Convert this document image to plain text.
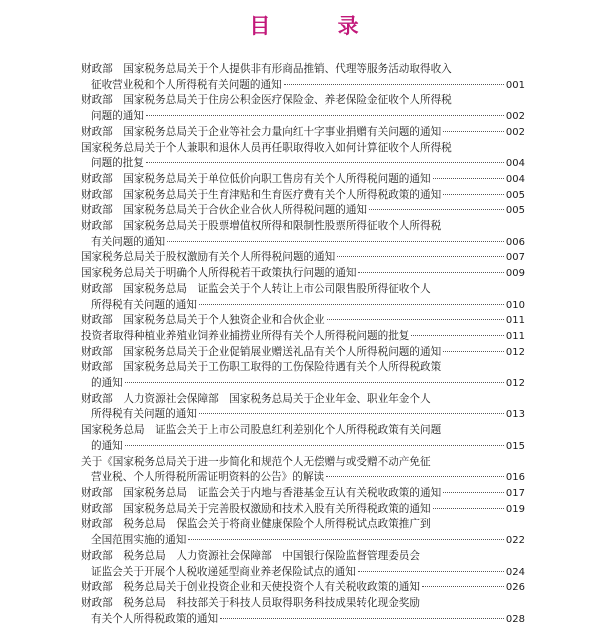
目 录
财政部　国家税务总局关于个人提供非有形商品推销、代理等服务活动取得收入
征收营业税和个人所得税有关问题的通知	001
财政部　国家税务总局关于住房公积金医疗保险金、养老保险金征收个人所得税
问题的通知	002
财政部　国家税务总局关于企业等社会力量向红十字事业捐赠有关问题的通知	002
国家税务总局关于个人兼职和退休人员再任职取得收入如何计算征收个人所得税
问题的批复	004
财政部　国家税务总局关于单位低价向职工售房有关个人所得税问题的通知	004
财政部　国家税务总局关于生育津贴和生育医疗费有关个人所得税政策的通知	005
财政部　国家税务总局关于合伙企业合伙人所得税问题的通知	005
财政部　国家税务总局关于股票增值权所得和限制性股票所得征收个人所得税
有关问题的通知	006
国家税务总局关于股权激励有关个人所得税问题的通知	007
国家税务总局关于明确个人所得税若干政策执行问题的通知	009
财政部　国家税务总局　证监会关于个人转让上市公司限售股所得征收个人
所得税有关问题的通知	010
财政部　国家税务总局关于个人独资企业和合伙企业	011
投资者取得种植业养殖业饲养业捕捞业所得有关个人所得税问题的批复	011
财政部　国家税务总局关于企业促销展业赠送礼品有关个人所得税问题的通知	012
财政部　国家税务总局关于工伤职工取得的工伤保险待遇有关个人所得税政策
的通知	012
财政部　人力资源社会保障部　国家税务总局关于企业年金、职业年金个人
所得税有关问题的通知	013
国家税务总局　证监会关于上市公司股息红利差别化个人所得税政策有关问题
的通知	015
关于《国家税务总局关于进一步简化和规范个人无偿赠与或受赠不动产免征
营业税、个人所得税所需证明资料的公告》的解读	016
财政部　国家税务总局　证监会关于内地与香港基金互认有关税收政策的通知	017
财政部　国家税务总局关于完善股权激励和技术入股有关所得税政策的通知	019
财政部　税务总局　保监会关于将商业健康保险个人所得税试点政策推广到
全国范围实施的通知	022
财政部　税务总局　人力资源社会保障部　中国银行保险监督管理委员会
证监会关于开展个人税收递延型商业养老保险试点的通知	024
财政部　税务总局关于创业投资企业和天使投资个人有关税收政策的通知	026
财政部　税务总局　科技部关于科技人员取得职务科技成果转化现金奖励
有关个人所得税政策的通知	028
